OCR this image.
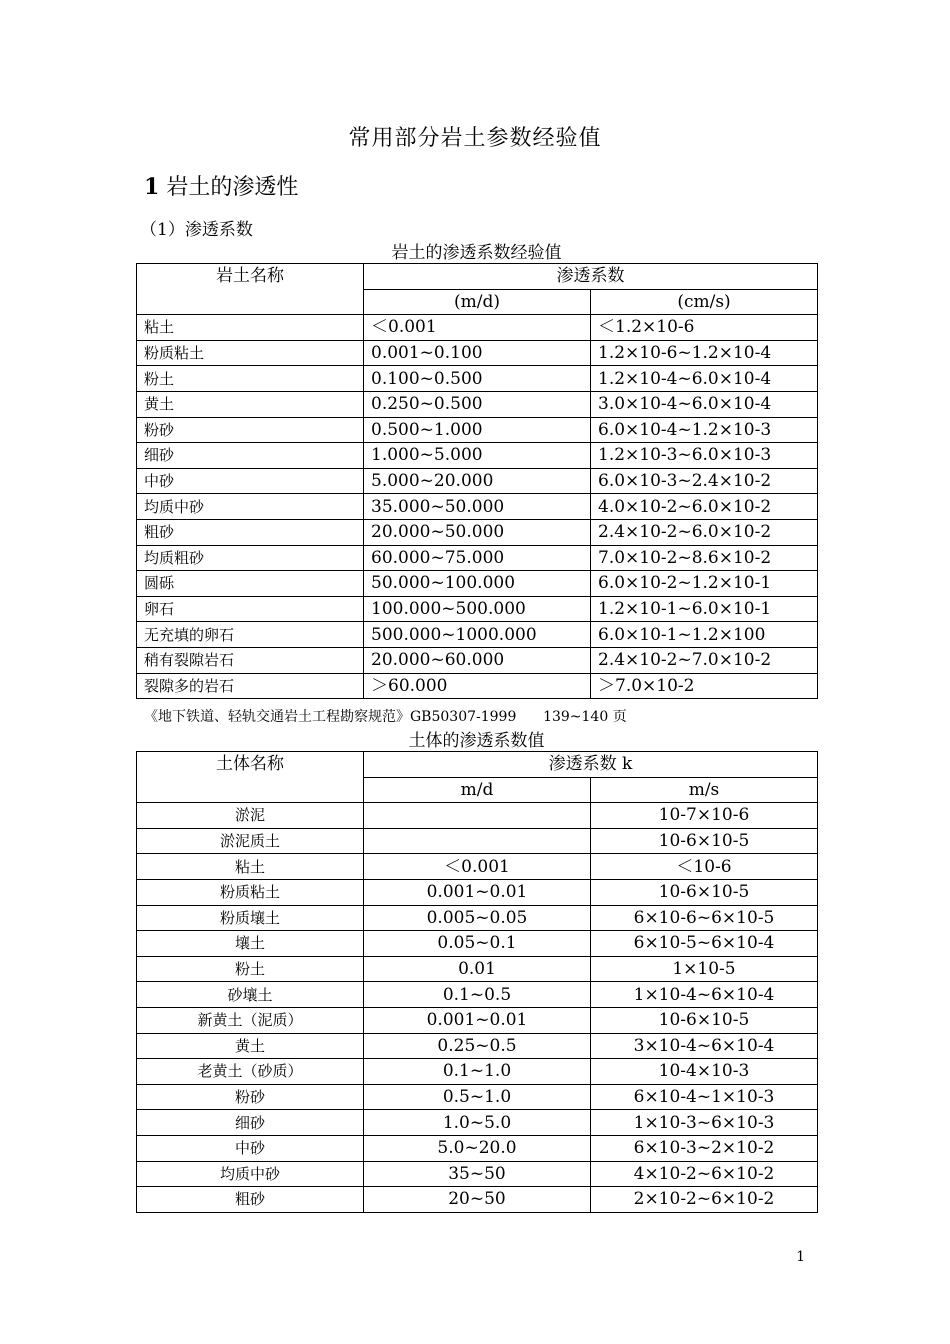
常用部分岩土参数经验值
1 岩土的渗透性
（1）渗透系数
岩土的渗透系数经验值
岩土名称	渗透系数	
	(m/d)	(cm/s)
粘土	＜0.001	＜1.2×10-6
粉质粘土	0.001~0.100	1.2×10-6~1.2×10-4
粉土	0.100~0.500	1.2×10-4~6.0×10-4
黄土	0.250~0.500	3.0×10-4~6.0×10-4
粉砂	0.500~1.000	6.0×10-4~1.2×10-3
细砂	1.000~5.000	1.2×10-3~6.0×10-3
中砂	5.000~20.000	6.0×10-3~2.4×10-2
均质中砂	35.000~50.000	4.0×10-2~6.0×10-2
粗砂	20.000~50.000	2.4×10-2~6.0×10-2
均质粗砂	60.000~75.000	7.0×10-2~8.6×10-2
圆砾	50.000~100.000	6.0×10-2~1.2×10-1
卵石	100.000~500.000	1.2×10-1~6.0×10-1
无充填的卵石	500.000~1000.000	6.0×10-1~1.2×100
稍有裂隙岩石	20.000~60.000	2.4×10-2~7.0×10-2
裂隙多的岩石	＞60.000	＞7.0×10-2
《地下铁道、轻轨交通岩土工程勘察规范》GB50307-1999      139~140 页
土体的渗透系数值
土体名称	渗透系数 k	
	m/d	m/s
淤泥		10-7×10-6
淤泥质土		10-6×10-5
粘土	＜0.001	＜10-6
粉质粘土	0.001~0.01	10-6×10-5
粉质壤土	0.005~0.05	6×10-6~6×10-5
壤土	0.05~0.1	6×10-5~6×10-4
粉土	0.01	1×10-5
砂壤土	0.1~0.5	1×10-4~6×10-4
新黄土（泥质）	0.001~0.01	10-6×10-5
黄土	0.25~0.5	3×10-4~6×10-4
老黄土（砂质）	0.1~1.0	10-4×10-3
粉砂	0.5~1.0	6×10-4~1×10-3
细砂	1.0~5.0	1×10-3~6×10-3
中砂	5.0~20.0	6×10-3~2×10-2
均质中砂	35~50	4×10-2~6×10-2
粗砂	20~50	2×10-2~6×10-2
1
